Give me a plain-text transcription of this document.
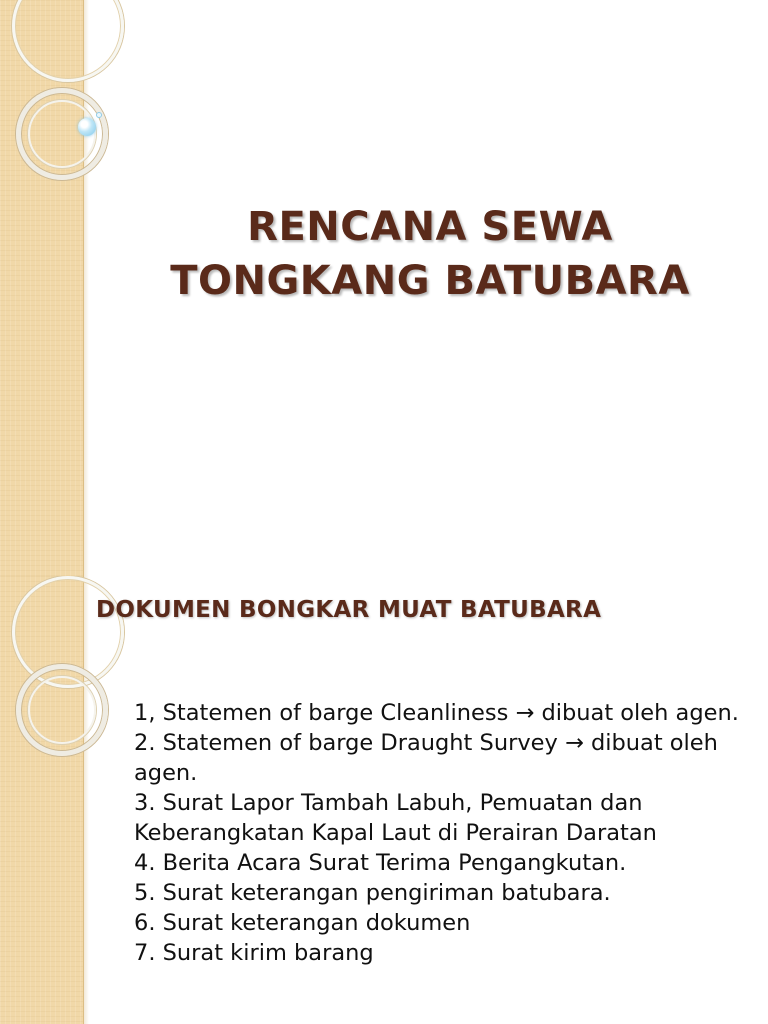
RENCANA SEWA
TONGKANG BATUBARA
DOKUMEN BONGKAR MUAT BATUBARA
1, Statemen of barge Cleanliness → dibuat oleh agen.
2. Statemen of barge Draught Survey → dibuat oleh agen.
3. Surat Lapor Tambah Labuh, Pemuatan dan Keberangkatan Kapal Laut di Perairan Daratan
4. Berita Acara Surat Terima Pengangkutan.
5. Surat keterangan pengiriman batubara.
6. Surat keterangan dokumen
7. Surat kirim barang
